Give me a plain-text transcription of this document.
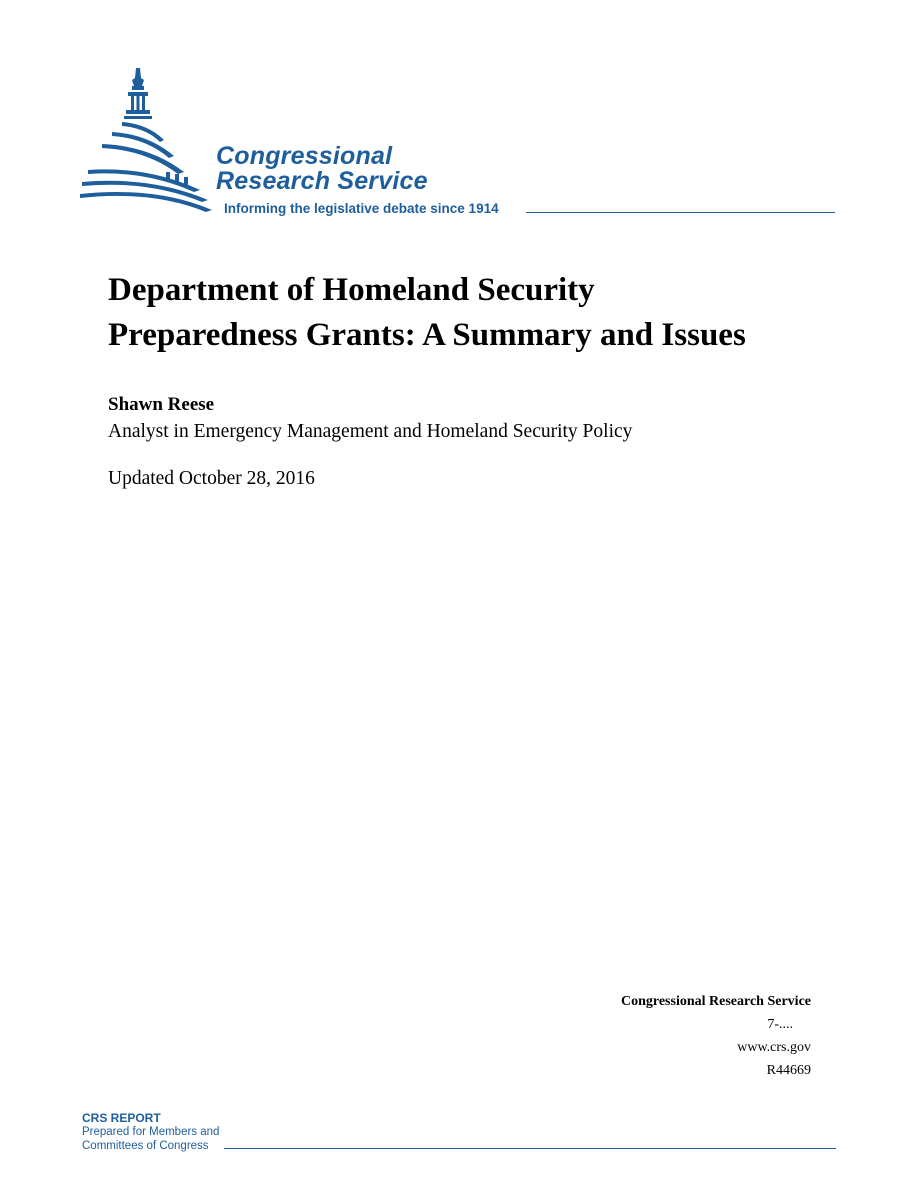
Congressional
Research Service
Informing the legislative debate since 1914
Department of Homeland Security
Preparedness Grants: A Summary and Issues
Shawn Reese
Analyst in Emergency Management and Homeland Security Policy
Updated October 28, 2016
Congressional Research Service
7-....
www.crs.gov
R44669
CRS REPORT
Prepared for Members and
Committees of Congress
